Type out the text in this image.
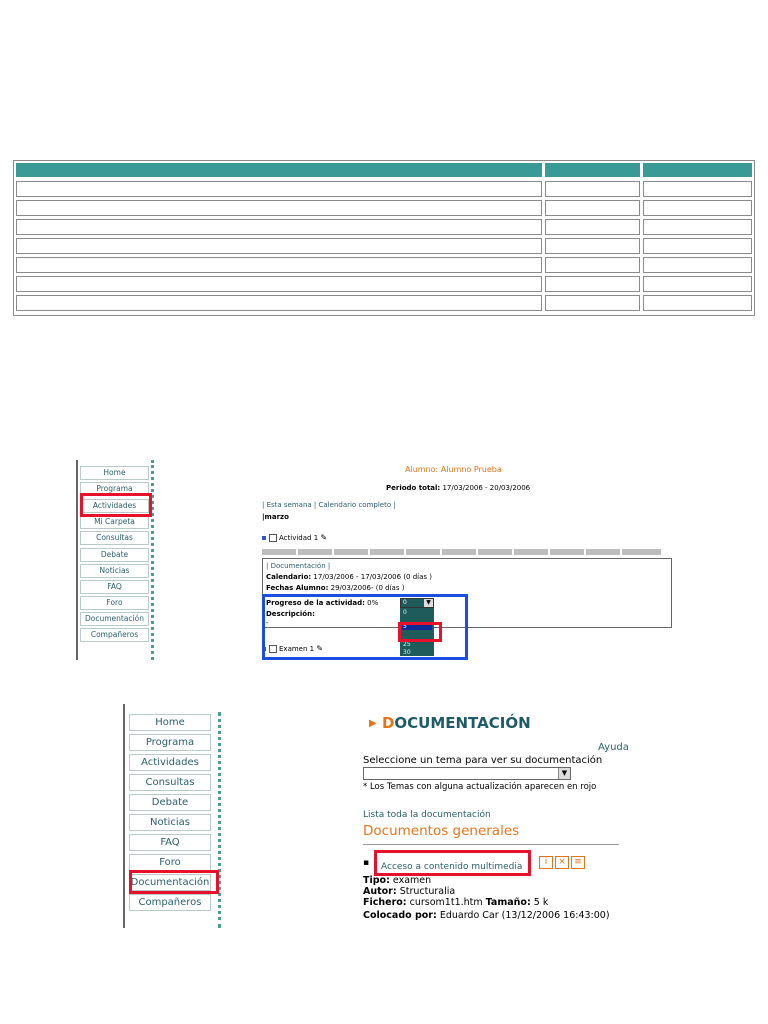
Home
Programa
Actividades
Mi Carpeta
Consultas
Debate
Noticias
FAQ
Foro
Documentación
Compañeros
Alumno: Alumno Prueba
Periodo total: 17/03/2006 - 20/03/2006
| Esta semana | Calendario completo |
|marzo
Actividad 1 ✎
| Documentación |
Calendario: 17/03/2006 - 17/03/2006 (0 días )
Fechas Alumno: 29/03/2006- (0 días )
Progreso de la actividad: 0%	0	▼
0
5
25
30
Descripción:
-
Examen 1 ✎
Home
Programa
Actividades
Consultas
Debate
Noticias
FAQ
Foro
Documentación
Compañeros
▶ DOCUMENTACIÓN
Ayuda
Seleccione un tema para ver su documentación
▼
* Los Temas con alguna actualización aparecen en rojo
Lista toda la documentación
Documentos generales
▪ Acceso a contenido multimedia	i	× ≡
Tipo: examen
Autor: Structuralia
Fichero: cursom1t1.htm Tamaño: 5 k
Colocado por: Eduardo Car (13/12/2006 16:43:00)
